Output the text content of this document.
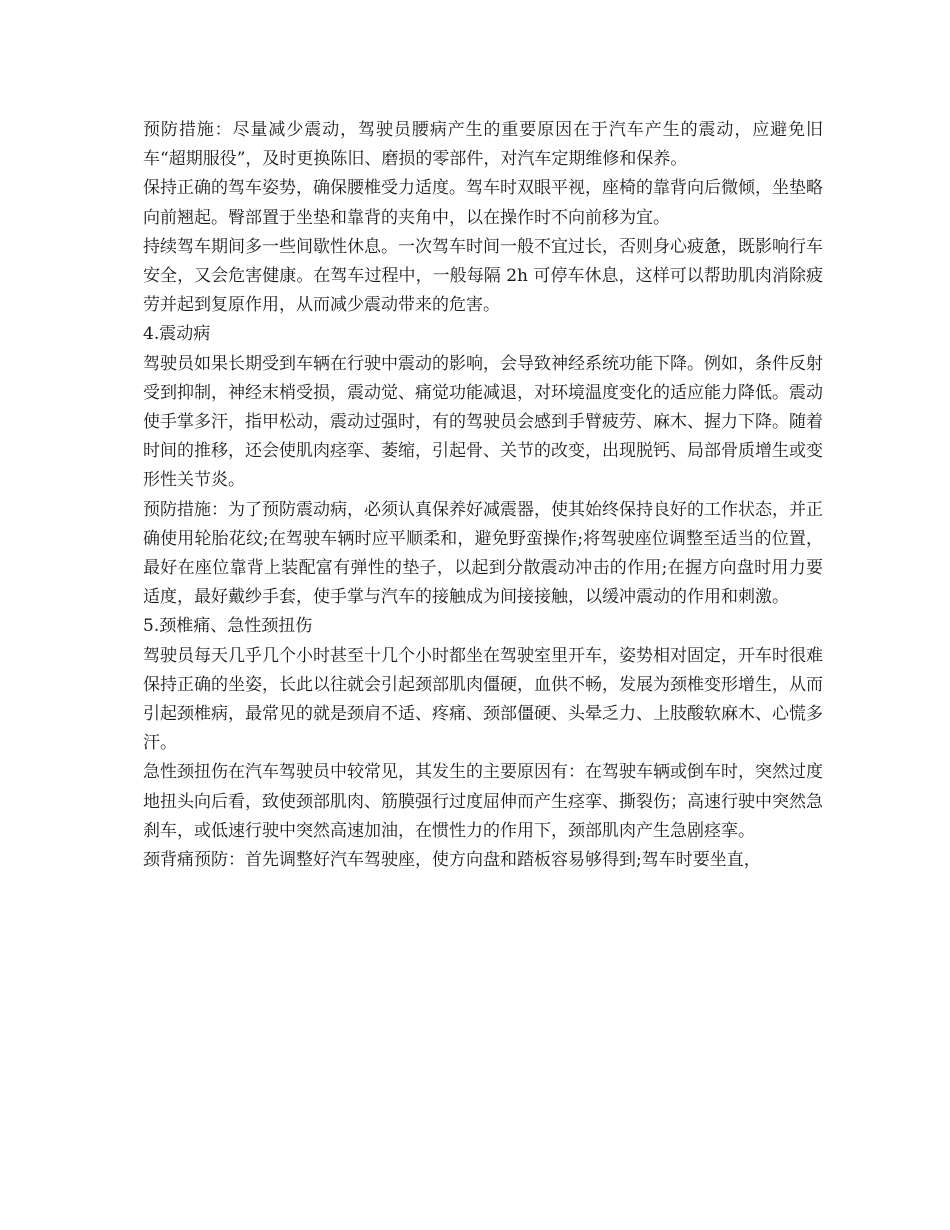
预防措施：尽量减少震动，驾驶员腰病产生的重要原因在于汽车产生的震动，应避免旧车“超期服役”，及时更换陈旧、磨损的零部件，对汽车定期维修和保养。

保持正确的驾车姿势，确保腰椎受力适度。驾车时双眼平视，座椅的靠背向后微倾，坐垫略向前翘起。臀部置于坐垫和靠背的夹角中，以在操作时不向前移为宜。

持续驾车期间多一些间歇性休息。一次驾车时间一般不宜过长，否则身心疲惫，既影响行车安全，又会危害健康。在驾车过程中，一般每隔 2h 可停车休息，这样可以帮助肌肉消除疲劳并起到复原作用，从而减少震动带来的危害。

4.震动病

驾驶员如果长期受到车辆在行驶中震动的影响，会导致神经系统功能下降。例如，条件反射受到抑制，神经末梢受损，震动觉、痛觉功能减退，对环境温度变化的适应能力降低。震动使手掌多汗，指甲松动，震动过强时，有的驾驶员会感到手臂疲劳、麻木、握力下降。随着时间的推移，还会使肌肉痉挛、萎缩，引起骨、关节的改变，出现脱钙、局部骨质增生或变形性关节炎。

预防措施：为了预防震动病，必须认真保养好减震器，使其始终保持良好的工作状态，并正确使用轮胎花纹;在驾驶车辆时应平顺柔和，避免野蛮操作;将驾驶座位调整至适当的位置，最好在座位靠背上装配富有弹性的垫子，以起到分散震动冲击的作用;在握方向盘时用力要适度，最好戴纱手套，使手掌与汽车的接触成为间接接触，以缓冲震动的作用和刺激。

5.颈椎痛、急性颈扭伤

驾驶员每天几乎几个小时甚至十几个小时都坐在驾驶室里开车，姿势相对固定，开车时很难保持正确的坐姿，长此以往就会引起颈部肌肉僵硬，血供不畅，发展为颈椎变形增生，从而引起颈椎病，最常见的就是颈肩不适、疼痛、颈部僵硬、头晕乏力、上肢酸软麻木、心慌多汗。

急性颈扭伤在汽车驾驶员中较常见，其发生的主要原因有：在驾驶车辆或倒车时，突然过度地扭头向后看，致使颈部肌肉、筋膜强行过度屈伸而产生痉挛、撕裂伤；高速行驶中突然急刹车，或低速行驶中突然高速加油，在惯性力的作用下，颈部肌肉产生急剧痉挛。

颈背痛预防：首先调整好汽车驾驶座，使方向盘和踏板容易够得到;驾车时要坐直，
